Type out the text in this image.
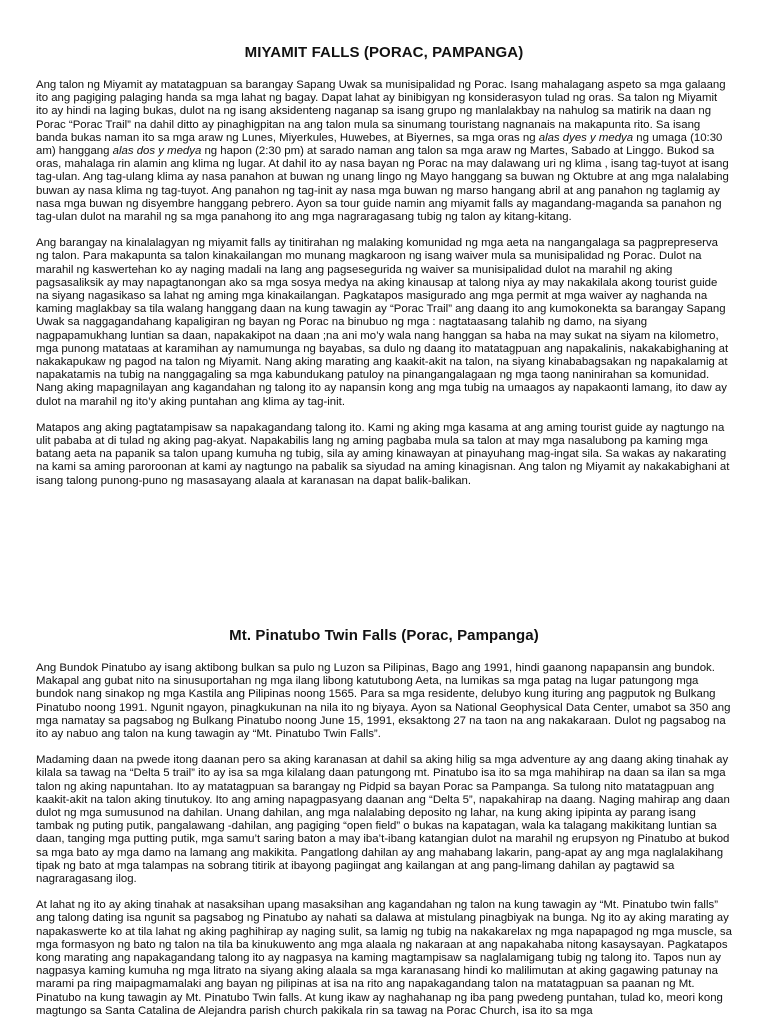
MIYAMIT FALLS (PORAC, PAMPANGA)

Ang talon ng Miyamit ay matatagpuan sa barangay Sapang Uwak sa munisipalidad ng Porac. Isang mahalagang aspeto sa mga galaang ito ang pagiging palaging handa sa mga lahat ng bagay. Dapat lahat ay binibigyan ng konsiderasyon tulad ng oras. Sa talon ng Miyamit ito ay hindi na laging bukas, dulot na ng isang aksidenteng naganap sa isang grupo ng manlalakbay na nahulog sa matirik na daan ng Porac “Porac Trail” na dahil ditto ay pinaghigpitan na ang talon mula sa sinumang touristang nagnanais na makapunta rito. Sa isang banda bukas naman ito sa mga araw ng Lunes, Miyerkules, Huwebes, at Biyernes, sa mga oras ng alas dyes y medya ng umaga (10:30 am) hanggang alas dos y medya ng hapon (2:30 pm) at sarado naman ang talon sa mga araw ng Martes, Sabado at Linggo. Bukod sa oras, mahalaga rin alamin ang klima ng lugar. At dahil ito ay nasa bayan ng Porac na may dalawang uri ng klima , isang tag-tuyot at isang tag-ulan. Ang tag-ulang klima ay nasa panahon at buwan ng unang lingo ng Mayo hanggang sa buwan ng Oktubre at ang mga nalalabing buwan ay nasa klima ng tag-tuyot. Ang panahon ng tag-init ay nasa mga buwan ng marso hangang abril at ang panahon ng taglamig ay nasa mga buwan ng disyembre hanggang pebrero. Ayon sa tour guide namin ang miyamit falls ay magandang-maganda sa panahon ng tag-ulan dulot na marahil ng sa mga panahong ito ang mga nagraragasang tubig ng talon ay kitang-kitang.

Ang barangay na kinalalagyan ng miyamit falls ay tinitirahan ng malaking komunidad ng mga aeta na nangangalaga sa pagprepreserva ng talon. Para makapunta sa talon kinakailangan mo munang magkaroon ng isang waiver mula sa munisipalidad ng Porac. Dulot na marahil ng kaswertehan ko ay naging madali na lang ang pagsesegurida ng waiver sa munisipalidad dulot na marahil ng aking pagsasaliksik ay may napagtanongan ako sa mga sosya medya na aking kinausap at talong niya ay may nakakilala akong tourist guide na siyang nagasikaso sa lahat ng aming mga kinakailangan. Pagkatapos masigurado ang mga permit at mga waiver ay naghanda na kaming maglakbay sa tila walang hanggang daan na kung tawagin ay “Porac Trail” ang daang ito ang kumokonekta sa barangay Sapang Uwak sa naggagandahang kapaligiran ng bayan ng Porac na binubuo ng mga : nagtataasang talahib ng damo, na siyang nagpapamukhang luntian sa daan, napakakipot na daan ;na ani mo’y wala nang hanggan sa haba na may sukat na siyam na kilometro, mga punong matataas at karamihan ay namumunga ng bayabas, sa dulo ng daang ito matatagpuan ang napakalinis, nakakabighaning at nakakapukaw ng pagod na talon ng Miyamit. Nang aking marating ang kaakit-akit na talon, na siyang kinababagsakan ng napakalamig at napakatamis na tubig na nanggagaling sa mga kabundukang patuloy na pinangangalagaan ng mga taong naninirahan sa komunidad. Nang aking mapagnilayan ang kagandahan ng talong ito ay napansin kong ang mga tubig na umaagos ay napakaonti lamang, ito daw ay dulot na marahil ng ito’y aking puntahan ang klima ay tag-init.

Matapos ang aking pagtatampisaw sa napakagandang talong ito. Kami ng aking mga kasama at ang aming tourist guide ay nagtungo na ulit pababa at di tulad ng aking pag-akyat. Napakabilis lang ng aming pagbaba mula sa talon at may mga nasalubong pa kaming mga batang aeta na papanik sa talon upang kumuha ng tubig, sila ay aming kinawayan at pinayuhang mag-ingat sila. Sa wakas ay nakarating na kami sa aming paroroonan at kami ay nagtungo na pabalik sa siyudad na aming kinagisnan. Ang talon ng Miyamit ay nakakabighani at isang talong punong-puno ng masasayang alaala at karanasan na dapat balik-balikan.

Mt. Pinatubo Twin Falls (Porac, Pampanga)

Ang Bundok Pinatubo ay isang aktibong bulkan sa pulo ng Luzon sa Pilipinas, Bago ang 1991, hindi gaanong napapansin ang bundok. Makapal ang gubat nito na sinusuportahan ng mga ilang libong katutubong Aeta, na lumikas sa mga patag na lugar patungong mga bundok nang sinakop ng mga Kastila ang Pilipinas noong 1565. Para sa mga residente, delubyo kung ituring ang pagputok ng Bulkang Pinatubo noong 1991. Ngunit ngayon, pinagkukunan na nila ito ng biyaya. Ayon sa National Geophysical Data Center, umabot sa 350 ang mga namatay sa pagsabog ng Bulkang Pinatubo noong June 15, 1991, eksaktong 27 na taon na ang nakakaraan. Dulot ng pagsabog na ito ay nabuo ang talon na kung tawagin ay “Mt. Pinatubo Twin Falls”.

Madaming daan na pwede itong daanan pero sa aking karanasan at dahil sa aking hilig sa mga adventure ay ang daang aking tinahak ay kilala sa tawag na “Delta 5 trail” ito ay isa sa mga kilalang daan patungong mt. Pinatubo isa ito sa mga mahihirap na daan sa ilan sa mga talon ng aking napuntahan. Ito ay matatagpuan sa barangay ng Pidpid sa bayan Porac sa Pampanga. Sa tulong nito matatagpuan ang kaakit-akit na talon aking tinutukoy. Ito ang aming napagpasyang daanan ang “Delta 5”, napakahirap na daang. Naging mahirap ang daan dulot ng mga sumusunod na dahilan. Unang dahilan, ang mga nalalabing deposito ng lahar, na kung aking ipipinta ay parang isang tambak ng puting putik, pangalawang -dahilan, ang pagiging “open field” o bukas na kapatagan, wala ka talagang makikitang luntian sa daan, tanging mga putting putik, mga samu’t saring baton a may iba’t-ibang katangian dulot na marahil ng erupsyon ng Pinatubo at bukod sa mga bato ay mga damo na lamang ang makikita. Pangatlong dahilan ay ang mahabang lakarin, pang-apat ay ang mga naglalakihang tipak ng bato at mga talampas na sobrang titirik at ibayong pagiingat ang kailangan at ang pang-limang dahilan ay pagtawid sa nagraragasang ilog.

At lahat ng ito ay aking tinahak at nasaksihan upang masaksihan ang kagandahan ng talon na kung tawagin ay “Mt. Pinatubo twin falls” ang talong dating isa ngunit sa pagsabog ng Pinatubo ay nahati sa dalawa at mistulang pinagbiyak na bunga. Ng ito ay aking marating ay napakaswerte ko at tila lahat ng aking paghihirap ay naging sulit, sa lamig ng tubig na nakakarelax ng mga napapagod ng mga muscle, sa mga formasyon ng bato ng talon na tila ba kinukuwento ang mga alaala ng nakaraan at ang napakahaba nitong kasaysayan. Pagkatapos kong marating ang napakagandang talong ito ay nagpasya na kaming magtampisaw sa naglalamigang tubig ng talong ito. Tapos nun ay nagpasya kaming kumuha ng mga litrato na siyang aking alaala sa mga karanasang hindi ko malilimutan at aking gagawing patunay na marami pa ring maipagmamalaki ang bayan ng pilipinas at isa na rito ang napakagandang talon na matatagpuan sa paanan ng Mt. Pinatubo na kung tawagin ay Mt. Pinatubo Twin falls. At kung ikaw ay naghahanap ng iba pang pwedeng puntahan, tulad ko, meori kong magtungo sa Santa Catalina de Alejandra parish church pakikala rin sa tawag na Porac Church, isa ito sa mga
